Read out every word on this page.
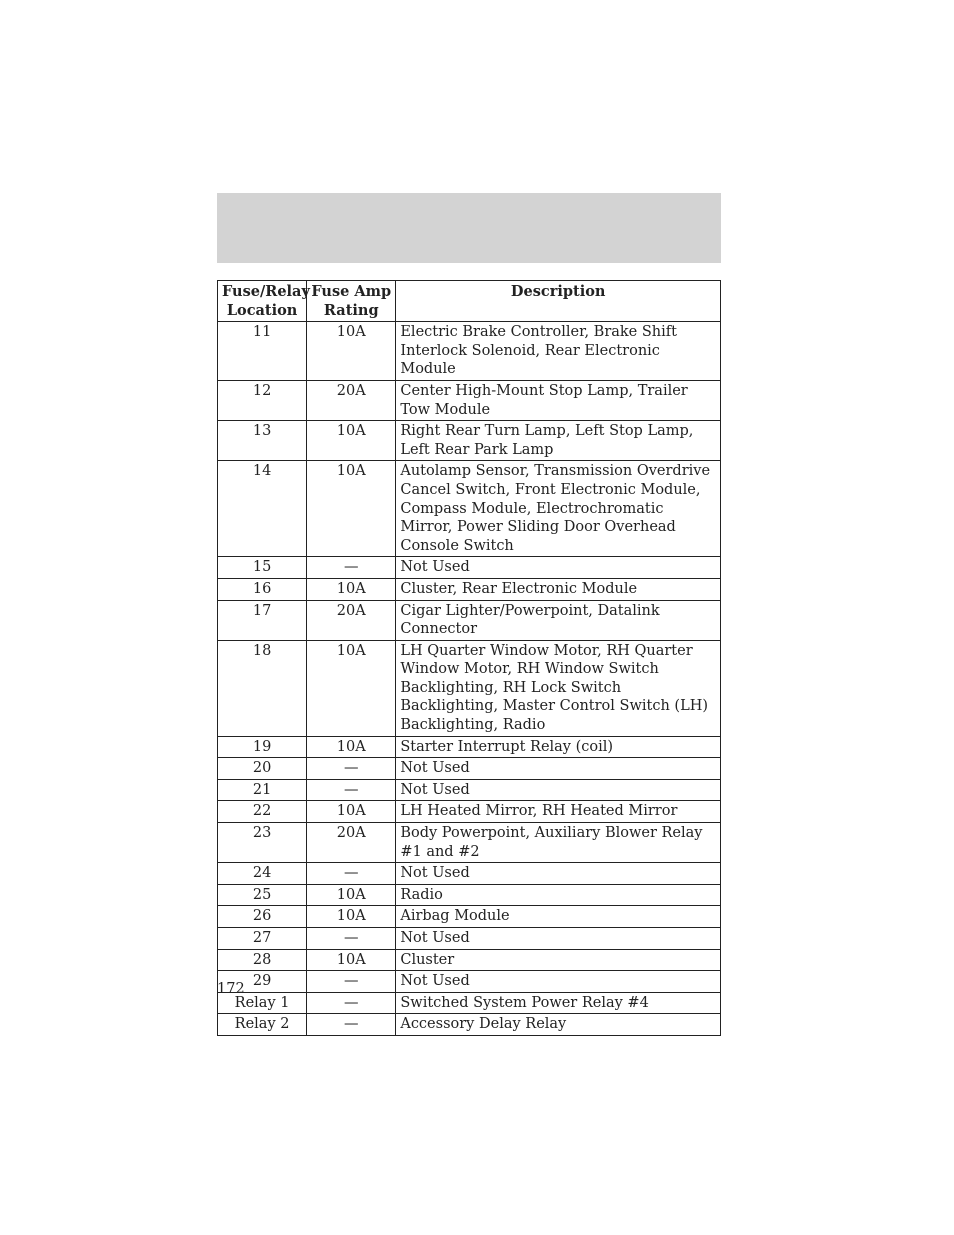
Fuse/Relay Location	Fuse Amp Rating	Description
11	10A	Electric Brake Controller, Brake Shift Interlock Solenoid, Rear Electronic Module
12	20A	Center High-Mount Stop Lamp, Trailer Tow Module
13	10A	Right Rear Turn Lamp, Left Stop Lamp, Left Rear Park Lamp
14	10A	Autolamp Sensor, Transmission Overdrive Cancel Switch, Front Electronic Module, Compass Module, Electrochromatic Mirror, Power Sliding Door Overhead Console Switch
15	—	Not Used
16	10A	Cluster, Rear Electronic Module
17	20A	Cigar Lighter/Powerpoint, Datalink Connector
18	10A	LH Quarter Window Motor, RH Quarter Window Motor, RH Window Switch Backlighting, RH Lock Switch Backlighting, Master Control Switch (LH) Backlighting, Radio
19	10A	Starter Interrupt Relay (coil)
20	—	Not Used
21	—	Not Used
22	10A	LH Heated Mirror, RH Heated Mirror
23	20A	Body Powerpoint, Auxiliary Blower Relay #1 and #2
24	—	Not Used
25	10A	Radio
26	10A	Airbag Module
27	—	Not Used
28	10A	Cluster
29	—	Not Used
Relay 1	—	Switched System Power Relay #4
Relay 2	—	Accessory Delay Relay
172
